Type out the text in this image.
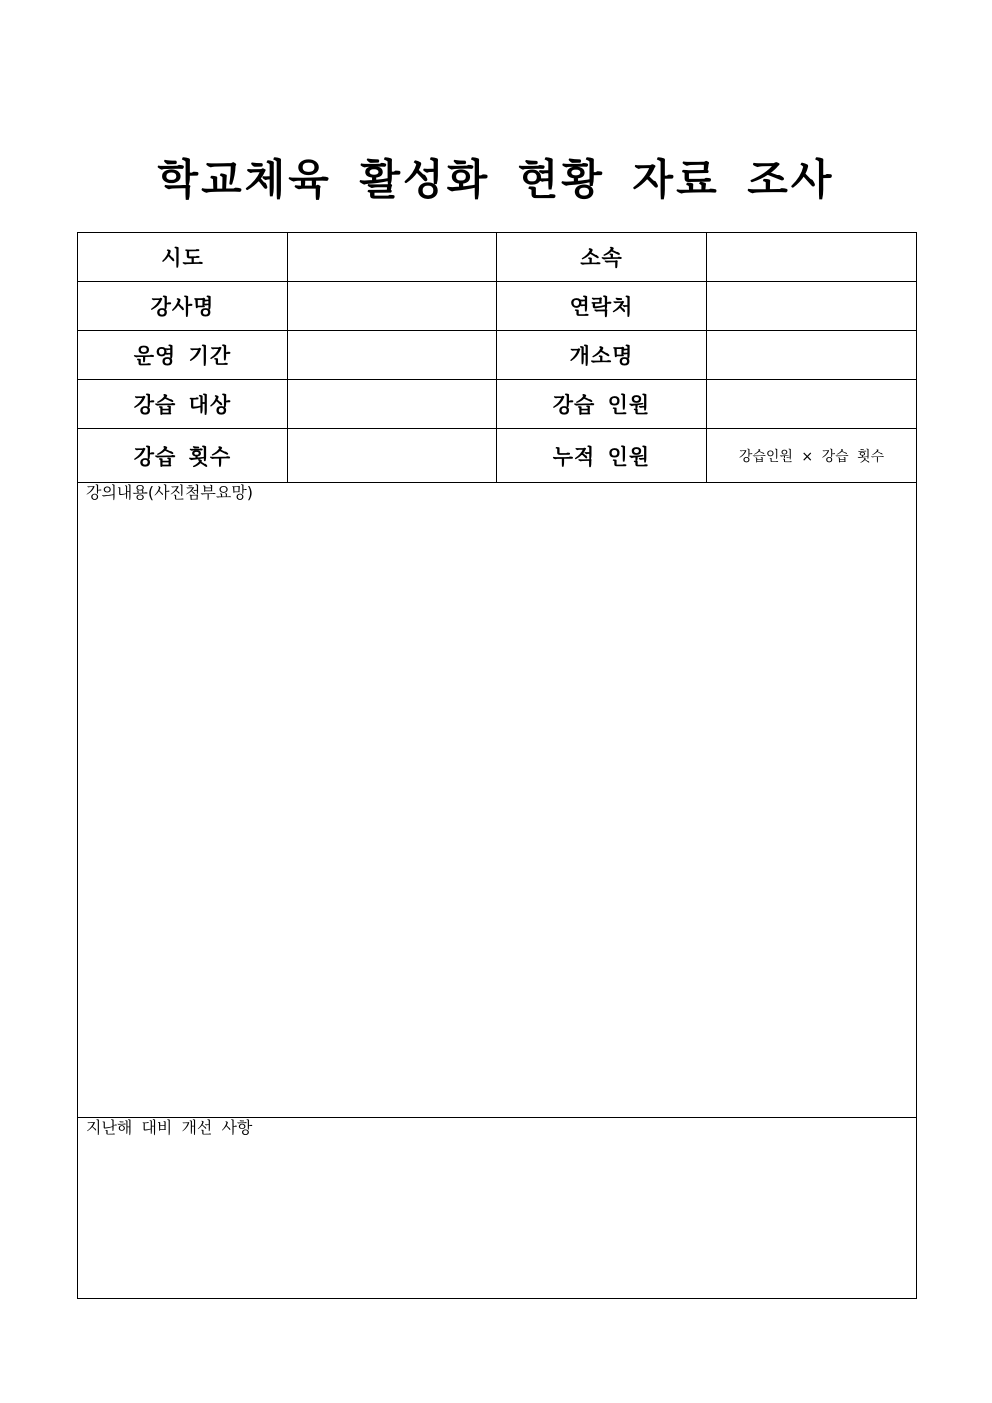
학교체육 활성화 현황 자료 조사
시도		소속	
강사명		연락처	
운영 기간		개소명	
강습 대상		강습 인원	
강습 횟수		누적 인원	강습인원 × 강습 횟수

강의내용(사진첨부요망)			

지난해 대비 개선 사항			
